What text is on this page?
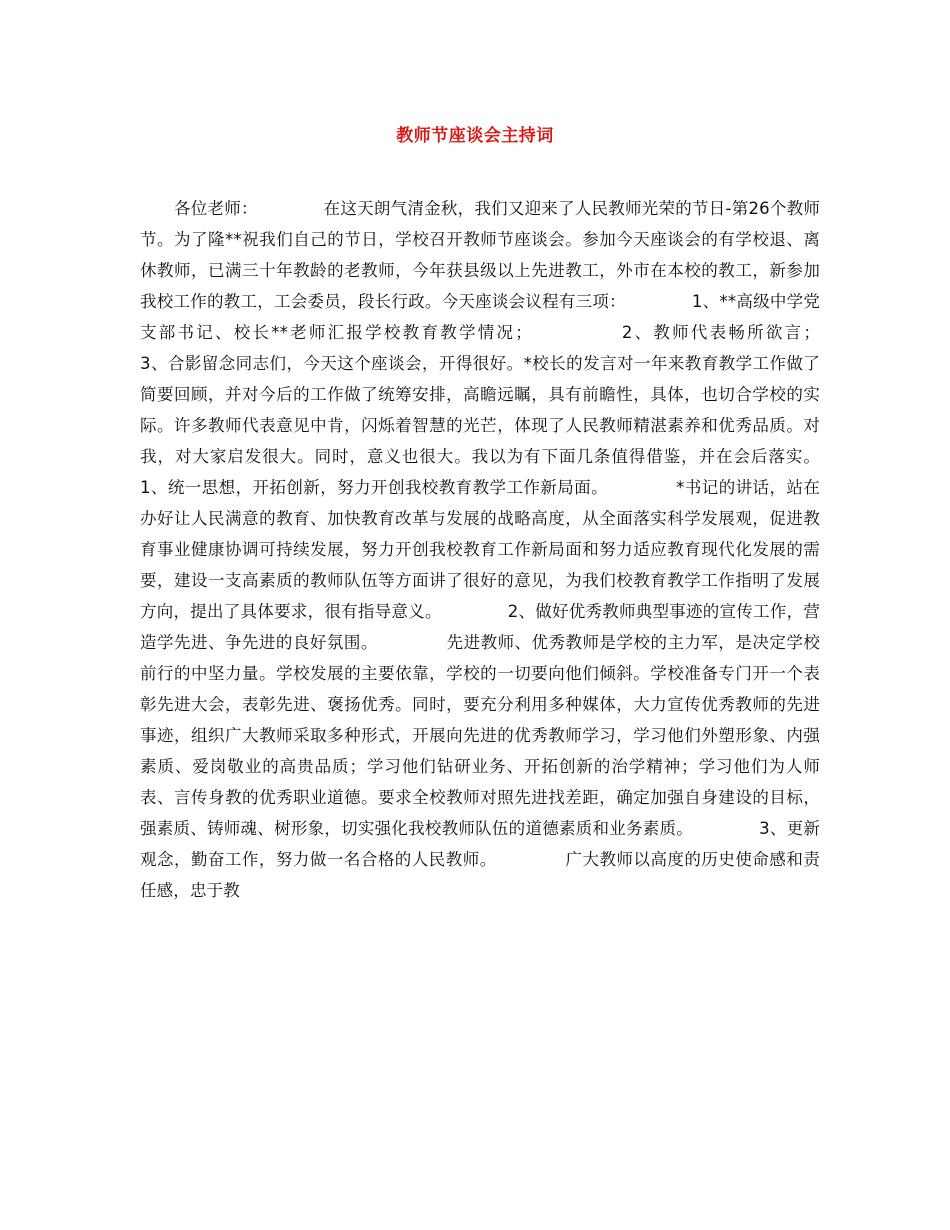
教师节座谈会主持词
各位老师：            在这天朗气清金秋，我们又迎来了人民教师光荣的节日-第26个教师节。为了隆**祝我们自己的节日，学校召开教师节座谈会。参加今天座谈会的有学校退、离休教师，已满三十年教龄的老教师，今年获县级以上先进教工，外市在本校的教工，新参加我校工作的教工，工会委员，段长行政。今天座谈会议程有三项：            1、**高级中学党支部书记、校长**老师汇报学校教育教学情况；            2、教师代表畅所欲言；            3、合影留念同志们，今天这个座谈会，开得很好。*校长的发言对一年来教育教学工作做了简要回顾，并对今后的工作做了统筹安排，高瞻远瞩，具有前瞻性，具体，也切合学校的实际。许多教师代表意见中肯，闪烁着智慧的光芒，体现了人民教师精湛素养和优秀品质。对我，对大家启发很大。同时，意义也很大。我以为有下面几条值得借鉴，并在会后落实。            1、统一思想，开拓创新，努力开创我校教育教学工作新局面。            *书记的讲话，站在办好让人民满意的教育、加快教育改革与发展的战略高度，从全面落实科学发展观，促进教育事业健康协调可持续发展，努力开创我校教育工作新局面和努力适应教育现代化发展的需要，建设一支高素质的教师队伍等方面讲了很好的意见，为我们校教育教学工作指明了发展方向，提出了具体要求，很有指导意义。            2、做好优秀教师典型事迹的宣传工作，营造学先进、争先进的良好氛围。            先进教师、优秀教师是学校的主力军，是决定学校前行的中坚力量。学校发展的主要依靠，学校的一切要向他们倾斜。学校准备专门开一个表彰先进大会，表彰先进、褒扬优秀。同时，要充分利用多种媒体，大力宣传优秀教师的先进事迹，组织广大教师采取多种形式，开展向先进的优秀教师学习，学习他们外塑形象、内强素质、爱岗敬业的高贵品质；学习他们钻研业务、开拓创新的治学精神；学习他们为人师表、言传身教的优秀职业道德。要求全校教师对照先进找差距，确定加强自身建设的目标，强素质、铸师魂、树形象，切实强化我校教师队伍的道德素质和业务素质。            3、更新观念，勤奋工作，努力做一名合格的人民教师。            广大教师以高度的历史使命感和责任感，忠于教
